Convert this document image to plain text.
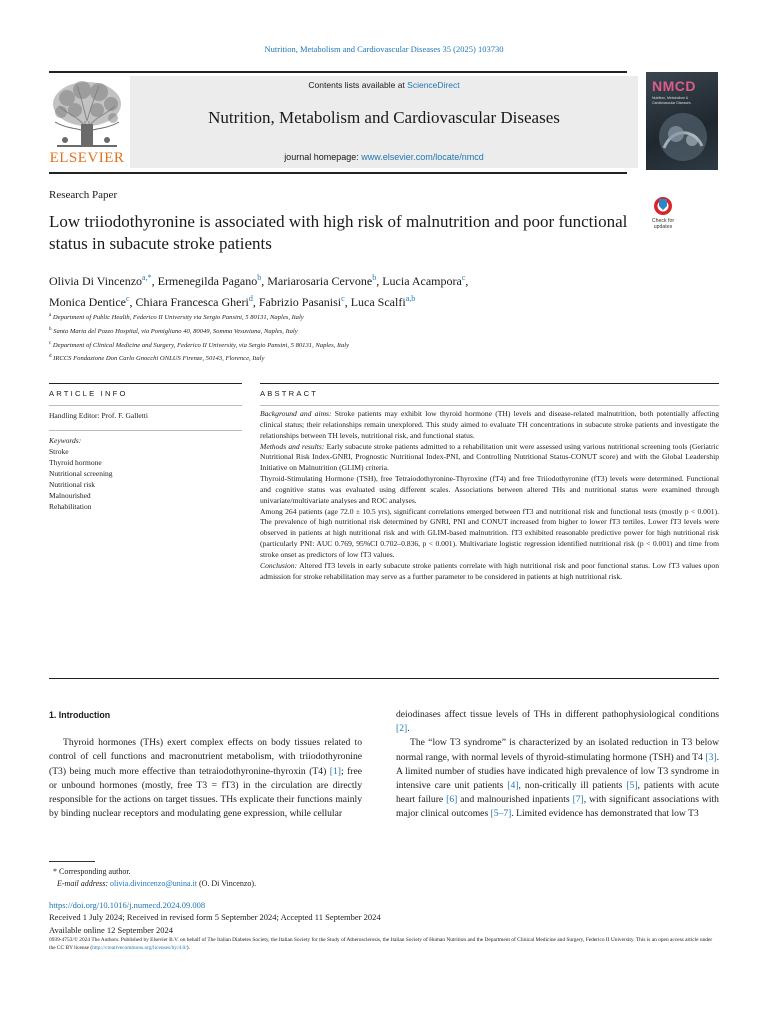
Nutrition, Metabolism and Cardiovascular Diseases 35 (2025) 103730
ELSEVIER
Contents lists available at ScienceDirect
Nutrition, Metabolism and Cardiovascular Diseases
journal homepage: www.elsevier.com/locate/nmcd
NMCD
Nutrition, Metabolism & Cardiovascular Diseases
Research Paper
Low triiodothyronine is associated with high risk of malnutrition and poor functional status in subacute stroke patients
Check for
updates
Olivia Di Vincenzo$^{a,*}$, Ermenegilda Pagano$^b$, Mariarosaria Cervone$^b$, Lucia Acampora$^c$,
Monica Dentice$^c$, Chiara Francesca Gheri$^d$, Fabrizio Pasanisi$^c$, Luca Scalfi$^{a,b}$
$^a$ Department of Public Health, Federico II University via Sergio Pansini, 5 80131, Naples, Italy
$^b$ Santa Maria del Pozzo Hospital, via Pomigliano 40, 80049, Somma Vesuviana, Naples, Italy
$^c$ Department of Clinical Medicine and Surgery, Federico II University, via Sergio Pansini, 5 80131, Naples, Italy
$^d$ IRCCS Fondazione Don Carlo Gnocchi ONLUS Firenze, 50143, Florence, Italy
ARTICLE INFO	ABSTRACT
Handling Editor: Prof. F. Galletti
Keywords:
Stroke
Thyroid hormone
Nutritional screening
Nutritional risk
Malnourished
Rehabilitation

Background and aims: Stroke patients may exhibit low thyroid hormone (TH) levels and disease-related malnutrition, both potentially affecting clinical status; their relationships remain unexplored. This study aimed to evaluate TH concentrations in subacute stroke patients and investigate the relationships between TH levels, nutritional risk, and functional status.

Methods and results: Early subacute stroke patients admitted to a rehabilitation unit were assessed using various nutritional screening tools (Geriatric Nutritional Risk Index-GNRI, Prognostic Nutritional Index-PNI, and Controlling Nutritional Status-CONUT score) and with the Global Leadership Initiative on Malnutrition (GLIM) criteria.

Thyroid-Stimulating Hormone (TSH), free Tetraiodothyronine-Thyroxine (fT4) and free Triiodothyronine (fT3) levels were determined. Functional and cognitive status was evaluated using different scales. Associations between altered THs and nutritional status were examined through univariate/multivariate analyses and ROC analyses.

Among 264 patients (age 72.0 ± 10.5 yrs), significant correlations emerged between fT3 and nutritional risk and functional tests (mostly p < 0.001). The prevalence of high nutritional risk determined by GNRI, PNI and CONUT increased from higher to lower fT3 tertiles. Lower fT3 levels were observed in patients at high nutritional risk and with GLIM-based malnutrition. fT3 exhibited reasonable predictive power for high nutritional risk (particularly PNI: AUC 0.769, 95%CI 0.702–0.836, p < 0.001). Multivariate logistic regression identified nutritional risk (p < 0.001) and time from stroke onset as predictors of low fT3 values.

Conclusion: Altered fT3 levels in early subacute stroke patients correlate with high nutritional risk and poor functional status. Low fT3 values upon admission for stroke rehabilitation may serve as a further parameter to be considered in patients at high nutritional risk.

1. Introduction

Thyroid hormones (THs) exert complex effects on body tissues related to control of cell functions and macronutrient metabolism, with triiodothyronine (T3) being much more effective than tetraiodothyronine-thyroxin (T4) [1]; free or unbound hormones (mostly, free T3 = fT3) in the circulation are directly responsible for the actions on target tissues. THs explicate their functions mainly by binding nuclear receptors and modulating gene expression, while cellular

deiodinases affect tissue levels of THs in different pathophysiological conditions [2].

The “low T3 syndrome” is characterized by an isolated reduction in T3 below normal range, with normal levels of thyroid-stimulating hormone (TSH) and T4 [3]. A limited number of studies have indicated high prevalence of low T3 syndrome in intensive care unit patients [4], non-critically ill patients [5], patients with acute heart failure [6] and malnourished inpatients [7], with significant associations with major clinical outcomes [5–7]. Limited evidence has demonstrated that low T3

* Corresponding author.
E-mail address: olivia.divincenzo@unina.it (O. Di Vincenzo).
https://doi.org/10.1016/j.numecd.2024.09.008
Received 1 July 2024; Received in revised form 5 September 2024; Accepted 11 September 2024
Available online 12 September 2024
0939-4753/© 2024 The Authors. Published by Elsevier B.V. on behalf of The Italian Diabetes Society, the Italian Society for the Study of Atherosclerosis, the Italian Society of Human Nutrition and the Department of Clinical Medicine and Surgery, Federico II University. This is an open access article under the CC BY license (http://creativecommons.org/licenses/by/4.0/).
